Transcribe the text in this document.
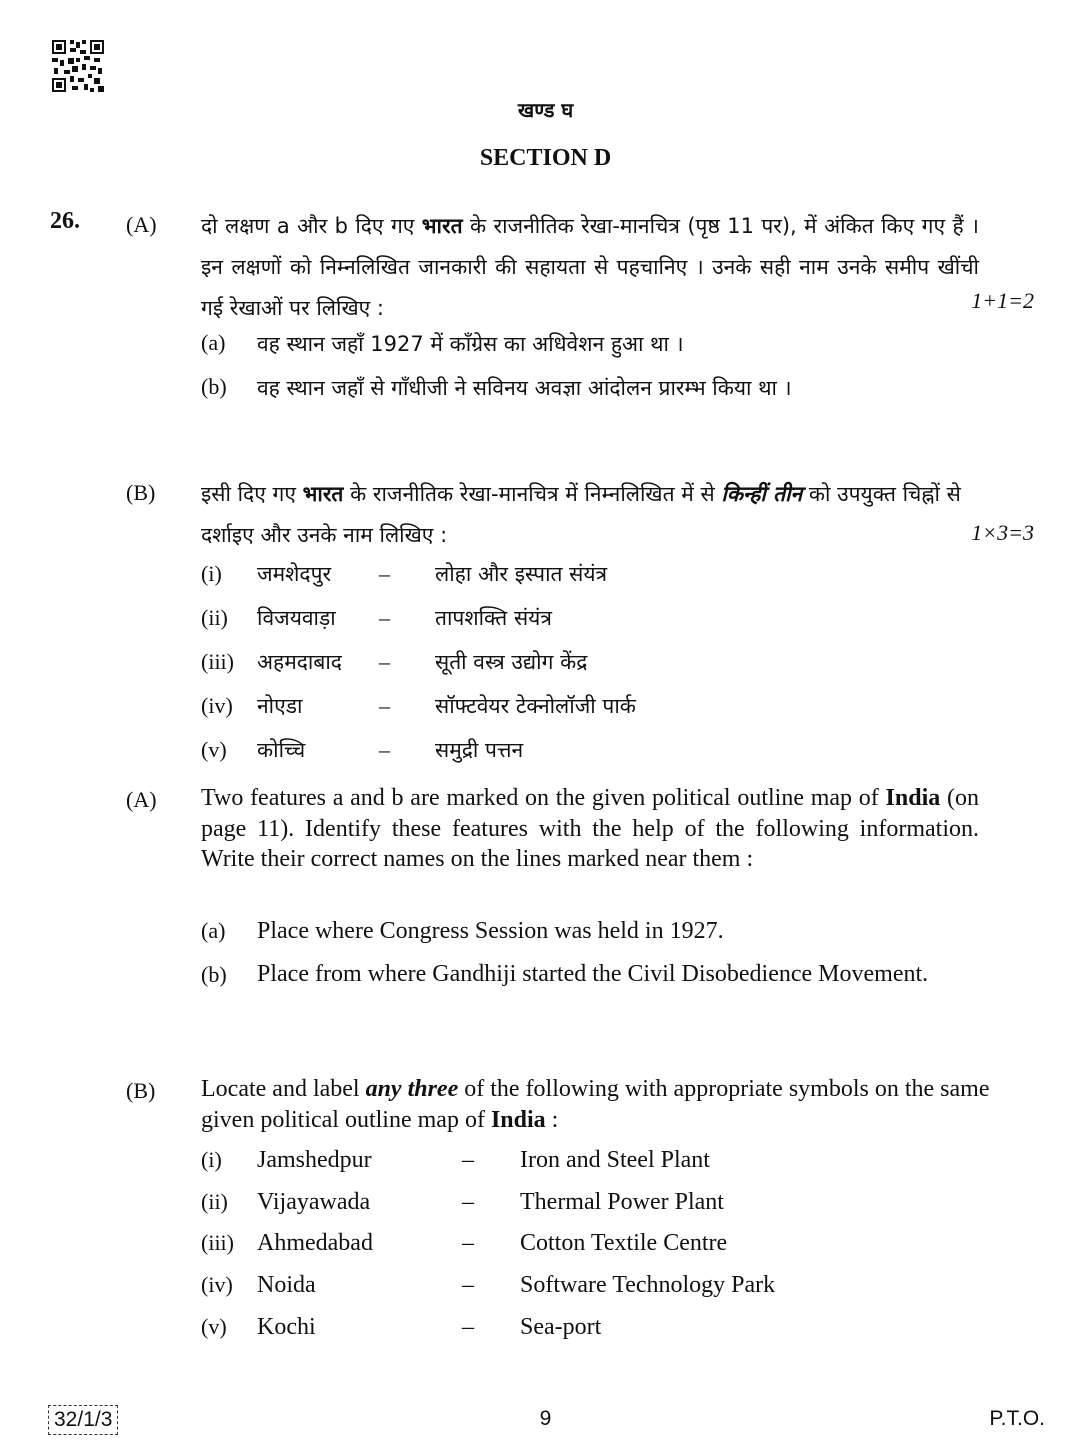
खण्ड घ
SECTION D
26. (A) दो लक्षण a और b दिए गए भारत के राजनीतिक रेखा-मानचित्र (पृष्ठ 11 पर), में अंकित किए गए हैं । इन लक्षणों को निम्नलिखित जानकारी की सहायता से पहचानिए । उनके सही नाम उनके समीप खींची गई रेखाओं पर लिखिए :	1+1=2
(a)	वह स्थान जहाँ 1927 में काँग्रेस का अधिवेशन हुआ था ।
(b)	वह स्थान जहाँ से गाँधीजी ने सविनय अवज्ञा आंदोलन प्रारम्भ किया था ।
(B) इसी दिए गए भारत के राजनीतिक रेखा-मानचित्र में निम्नलिखित में से किन्हीं तीन को उपयुक्त चिह्नों से दर्शाइए और उनके नाम लिखिए :	1×3=3
(i)	जमशेदपुर	–	लोहा और इस्पात संयंत्र
(ii)	विजयवाड़ा	–	तापशक्ति संयंत्र
(iii)	अहमदाबाद	–	सूती वस्त्र उद्योग केंद्र
(iv)	नोएडा	–	सॉफ्टवेयर टेक्नोलॉजी पार्क
(v)	कोच्चि	–	समुद्री पत्तन
(A) Two features a and b are marked on the given political outline map of India (on page 11). Identify these features with the help of the following information. Write their correct names on the lines marked near them :
(a)	Place where Congress Session was held in 1927.
(b)	Place from where Gandhiji started the Civil Disobedience Movement.
(B) Locate and label any three of the following with appropriate symbols on the same given political outline map of India :
(i)	Jamshedpur	–	Iron and Steel Plant
(ii)	Vijayawada	–	Thermal Power Plant
(iii) Ahmedabad	–	Cotton Textile Centre
(iv)	Noida	–	Software Technology Park
(v)	Kochi	–	Sea-port
32/1/3	9	P.T.O.
